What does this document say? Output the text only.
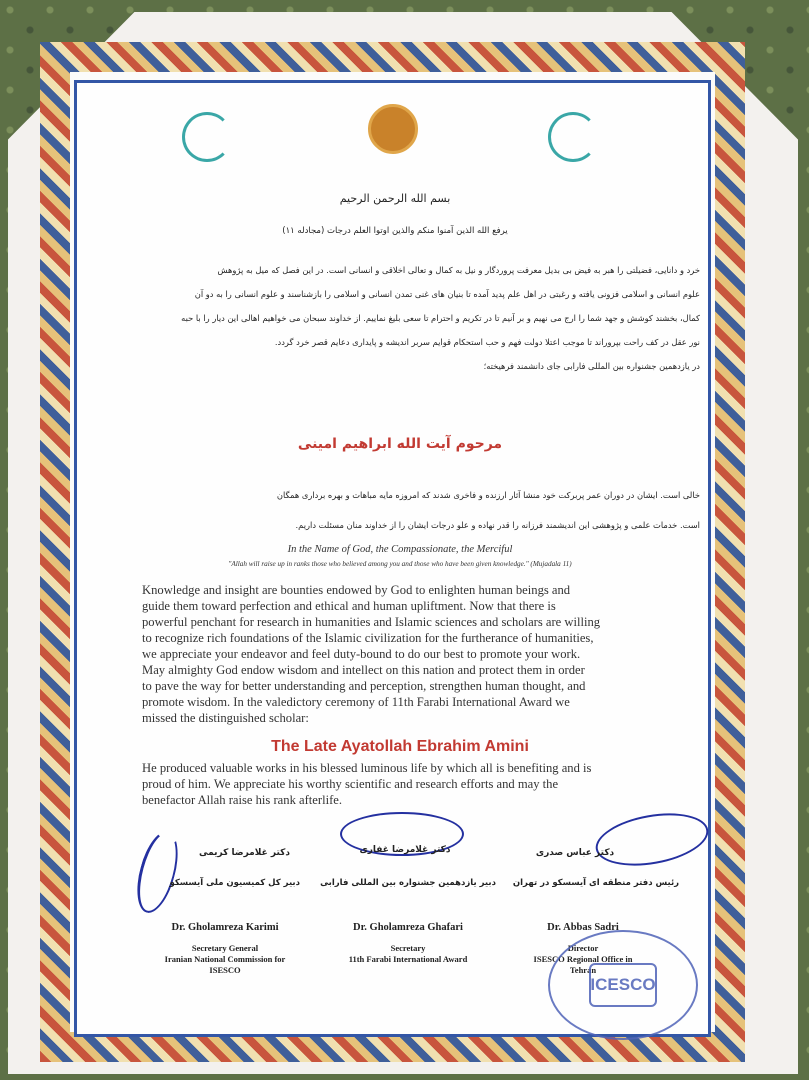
بسم الله الرحمن الرحیم
یرفع الله الذین آمنوا منکم والذین اوتوا العلم درجات (مجادله ۱۱)
خرد و دانایی، فضیلتی را هبر به فیض بی بدیل معرفت پروردگار و نیل به کمال و تعالی اخلاقی و انسانی است. در این فصل که میل به پژوهش
علوم انسانی و اسلامی فزونی یافته و رغبتی در اهل علم پدید آمده تا بنیان های غنی تمدن انسانی و اسلامی را بازشناسند و علوم انسانی را به دو آن
کمال، بخشند کوشش و جهد شما را ارج می نهیم و بر آنیم تا در تکریم و احترام تا سعی بلیغ نماییم. از خداوند سبحان می خواهیم اهالی این دیار را با حبه
نور عقل در کف راحت بپروراند تا موجب اعتلا دولت فهم و حب استحکام قوایم سربر اندیشه و پایداری دعایم قصر خرد گردد.
در یازدهمین جشنواره بین المللی فارابی جای دانشمند فرهیخته؛
مرحوم آیت الله ابراهیم امینی
خالی است. ایشان در دوران عمر پربرکت خود منشا آثار ارزنده و فاخری شدند که امروزه مایه مباهات و بهره برداری همگان
است. خدمات علمی و پژوهشی این اندیشمند فرزانه را قدر نهاده و علو درجات ایشان را از خداوند منان مسئلت داریم.
In the Name of God, the Compassionate, the Merciful
"Allah will raise up in ranks those who believed among you and those who have been given knowledge." (Mujadala 11)
Knowledge and insight are bounties endowed by God to enlighten human beings and
guide them toward perfection and ethical and human upliftment. Now that there is
powerful penchant for research in humanities and Islamic sciences and scholars are willing
to recognize rich foundations of the Islamic civilization for the furtherance of humanities,
we appreciate your endeavor and feel duty-bound to do our best to promote your work.
May almighty God endow wisdom and intellect on this nation and protect them in order
to pave the way for better understanding and perception, strengthen human thought, and
promote wisdom. In the valedictory ceremony of 11th Farabi International Award we
missed the distinguished scholar:
The Late Ayatollah Ebrahim Amini
He produced valuable works in his blessed luminous life by which all is benefiting and is
proud of him. We appreciate his worthy scientific and research efforts and may the
benefactor Allah raise his rank afterlife.
دکتر غلامرضا کریمی
دبیر کل کمیسیون ملی آیسسکو
دکتر غلامرضا غفاری
دبیر یازدهمین جشنواره بین المللی فارابی
دکتر عباس صدری
رئیس دفتر منطقه ای آیسسکو در تهران
Dr. Gholamreza Karimi
Secretary General
Iranian National Commission for
ISESCO
Dr. Gholamreza Ghafari
Secretary
11th Farabi International Award
Dr. Abbas Sadri
Director
ISESCO Regional Office in
Tehran
ICESCO
